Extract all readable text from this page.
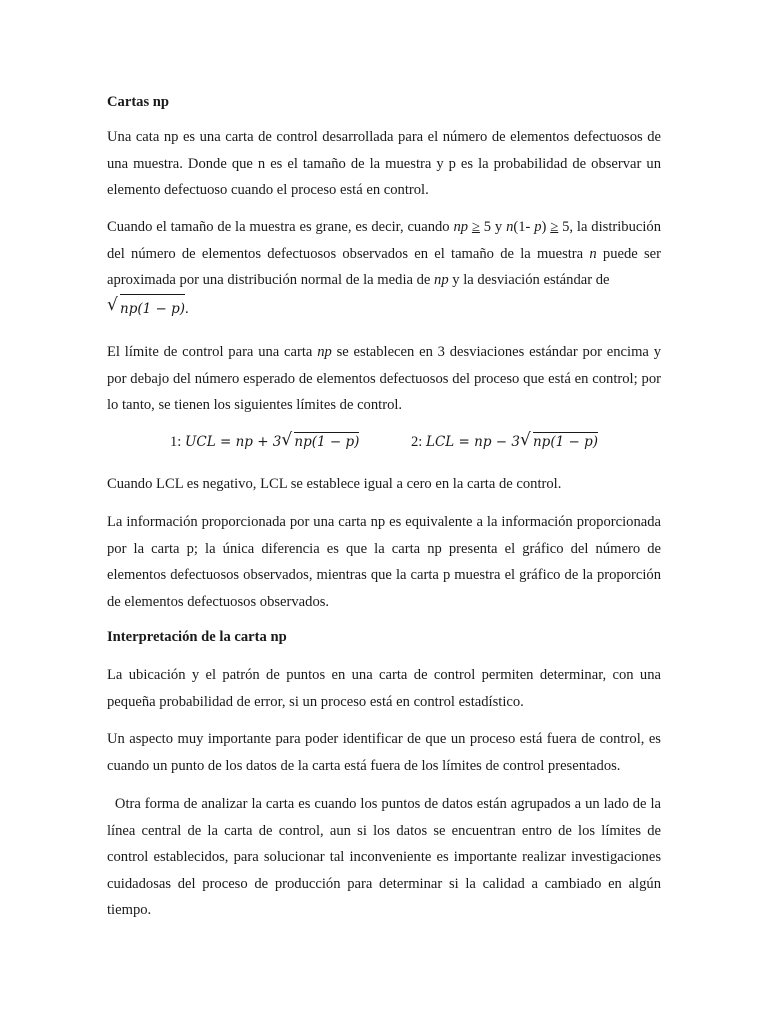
Cartas np

Una cata np es una carta de control desarrollada para el número de elementos defectuosos de una muestra. Donde que n es el tamaño de la muestra y p es la probabilidad de observar un elemento defectuoso cuando el proceso está en control.

Cuando el tamaño de la muestra es grane, es decir, cuando np ≥ 5 y n(1- p) ≥ 5, la distribución del número de elementos defectuosos observados en el tamaño de la muestra n puede ser aproximada por una distribución normal de la media de np y la desviación estándar de

√ np(1 − p).

El límite de control para una carta np se establecen en 3 desviaciones estándar por encima y por debajo del número esperado de elementos defectuosos del proceso que está en control; por lo tanto, se tienen los siguientes límites de control.

1: UCL = np + 3 √ np(1 − p)	2: LCL = np − 3 √ np(1 − p)

Cuando LCL es negativo, LCL se establece igual a cero en la carta de control.

La información proporcionada por una carta np es equivalente a la información proporcionada por la carta p; la única diferencia es que la carta np presenta el gráfico del número de elementos defectuosos observados, mientras que la carta p muestra el gráfico de la proporción de elementos defectuosos observados.

Interpretación de la carta np

La ubicación y el patrón de puntos en una carta de control permiten determinar, con una pequeña probabilidad de error, si un proceso está en control estadístico.

Un aspecto muy importante para poder identificar de que un proceso está fuera de control, es cuando un punto de los datos de la carta está fuera de los límites de control presentados.

Otra forma de analizar la carta es cuando los puntos de datos están agrupados a un lado de la línea central de la carta de control, aun si los datos se encuentran entro de los límites de control establecidos, para solucionar tal inconveniente es importante realizar investigaciones cuidadosas del proceso de producción para determinar si la calidad a cambiado en algún tiempo.
